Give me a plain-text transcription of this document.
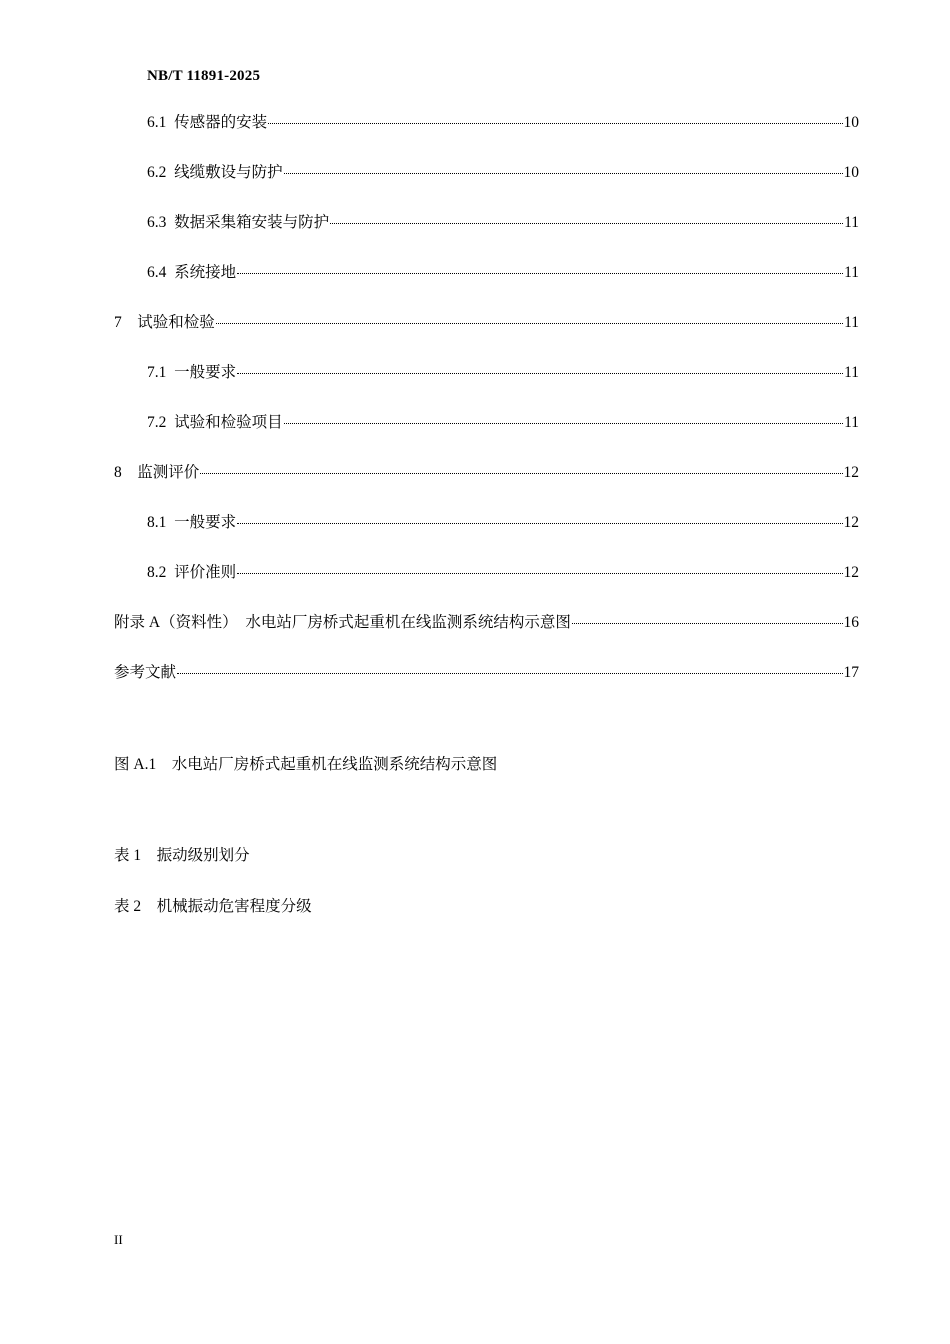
NB/T 11891-2025
6.1  传感器的安装	10
6.2  线缆敷设与防护	10
6.3  数据采集箱安装与防护	11
6.4  系统接地	11
7    试验和检验	11
7.1  一般要求	11
7.2  试验和检验项目	11
8    监测评价	12
8.1  一般要求	12
8.2  评价准则	12
附录 A（资料性）  水电站厂房桥式起重机在线监测系统结构示意图	16
参考文献	17
图 A.1    水电站厂房桥式起重机在线监测系统结构示意图
表 1    振动级别划分
表 2    机械振动危害程度分级
II
